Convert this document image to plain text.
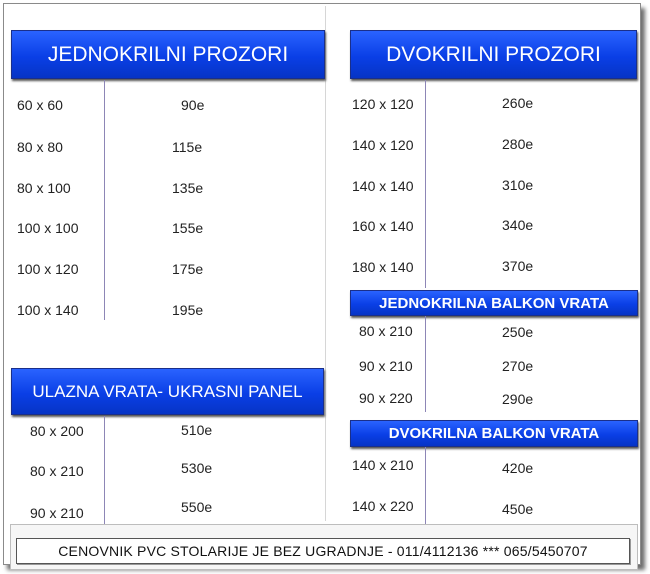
JEDNOKRILNI PROZORI
60 x 60	90e
80 x 80	115e
80 x 100	135e
100 x 100	155e
100 x 120	175e
100 x 140	195e
ULAZNA VRATA- UKRASNI PANEL
80 x 200	510e
80 x 210	530e
90 x 210	550e
DVOKRILNI PROZORI
120 x 120	260e
140 x 120	280e
140 x 140	310e
160 x 140	340e
180 x 140	370e
JEDNOKRILNA BALKON VRATA
80 x 210	250e
90 x 210	270e
90 x 220	290e
DVOKRILNA BALKON VRATA
140 x 210	420e
140 x 220	450e
CENOVNIK PVC STOLARIJE JE BEZ UGRADNJE - 011/4112136 *** 065/5450707
